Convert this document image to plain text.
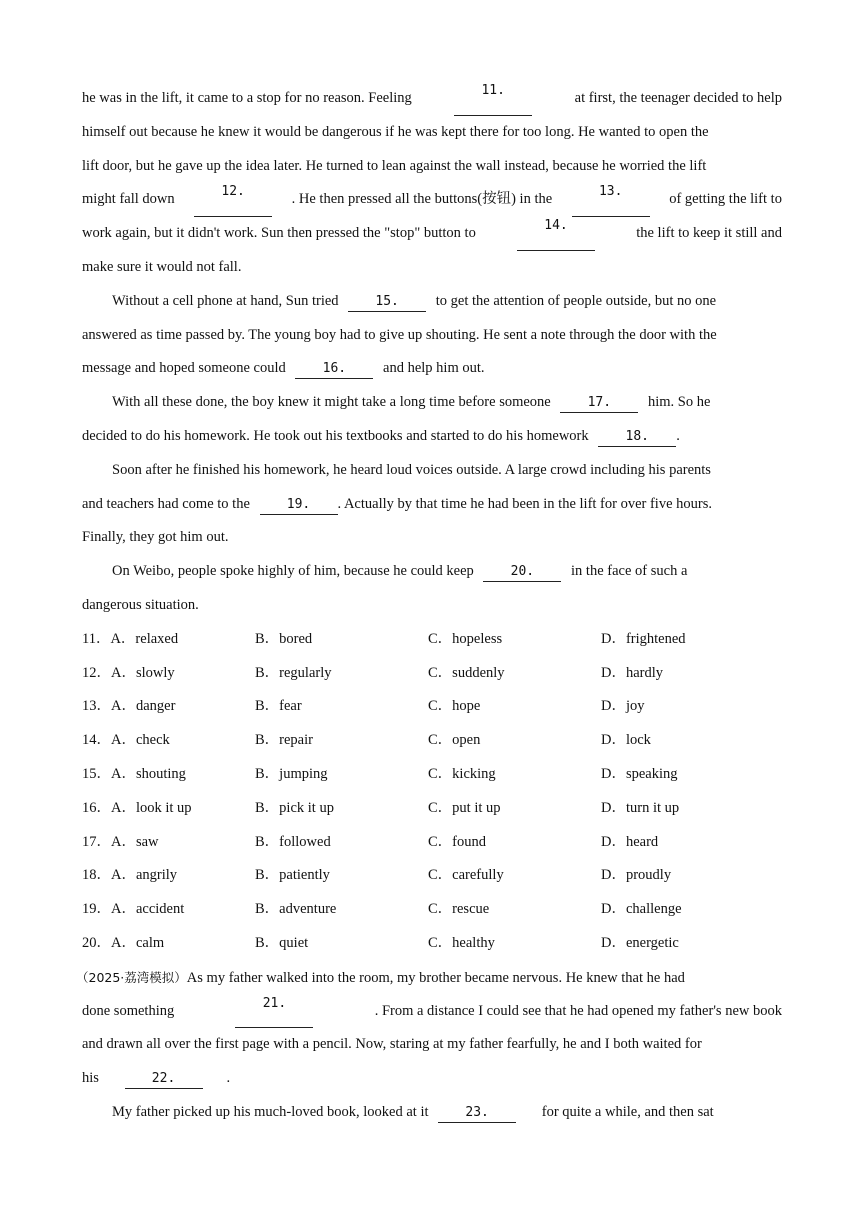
he was in the lift, it came to a stop for no reason. Feeling	11.	at first, the teenager decided to help
himself out because he knew it would be dangerous if he was kept there for too long. He wanted to open the
lift door, but he gave up the idea later. He turned to lean against the wall instead, because he worried the lift
might fall down	12.	. He then pressed all the buttons(按钮) in the	13.	of getting the lift to
work again, but it didn't work. Sun then pressed the "stop" button to	14.	the lift to keep it still and
make sure it would not fall.
Without a cell phone at hand, Sun tried	15.	to get the attention of people outside, but no one
answered as time passed by. The young boy had to give up shouting. He sent a note through the door with the
message and hoped someone could	16.	and help him out.
With all these done, the boy knew it might take a long time before someone	17.	him. So he
decided to do his homework. He took out his textbooks and started to do his homework	18. .
Soon after he finished his homework, he heard loud voices outside. A large crowd including his parents
and teachers had come to the	19. . Actually by that time he had been in the lift for over five hours.
Finally, they got him out.
On Weibo, people spoke highly of him, because he could keep	20.	in the face of such a
dangerous situation.
11．A．relaxed	B．bored	C．hopeless	D．frightened
12．A．slowly	B．regularly	C．suddenly	D．hardly
13．A．danger	B．fear	C．hope	D．joy
14．A．check	B．repair	C．open	D．lock
15．A．shouting	B．jumping	C．kicking	D．speaking
16．A．look it up	B．pick it up	C．put it up	D．turn it up
17．A．saw	B．followed	C．found	D．heard
18．A．angrily	B．patiently	C．carefully	D．proudly
19．A．accident	B．adventure	C．rescue	D．challenge
20．A．calm	B．quiet	C．healthy	D．energetic
（2025·荔湾模拟）As my father walked into the room, my brother became nervous. He knew that he had
done something	21.	. From a distance I could see that he had opened my father's new book
and drawn all over the first page with a pencil. Now, staring at my father fearfully, he and I both waited for
his	22.	.
My father picked up his much-loved book, looked at it	23.	for quite a while, and then sat
